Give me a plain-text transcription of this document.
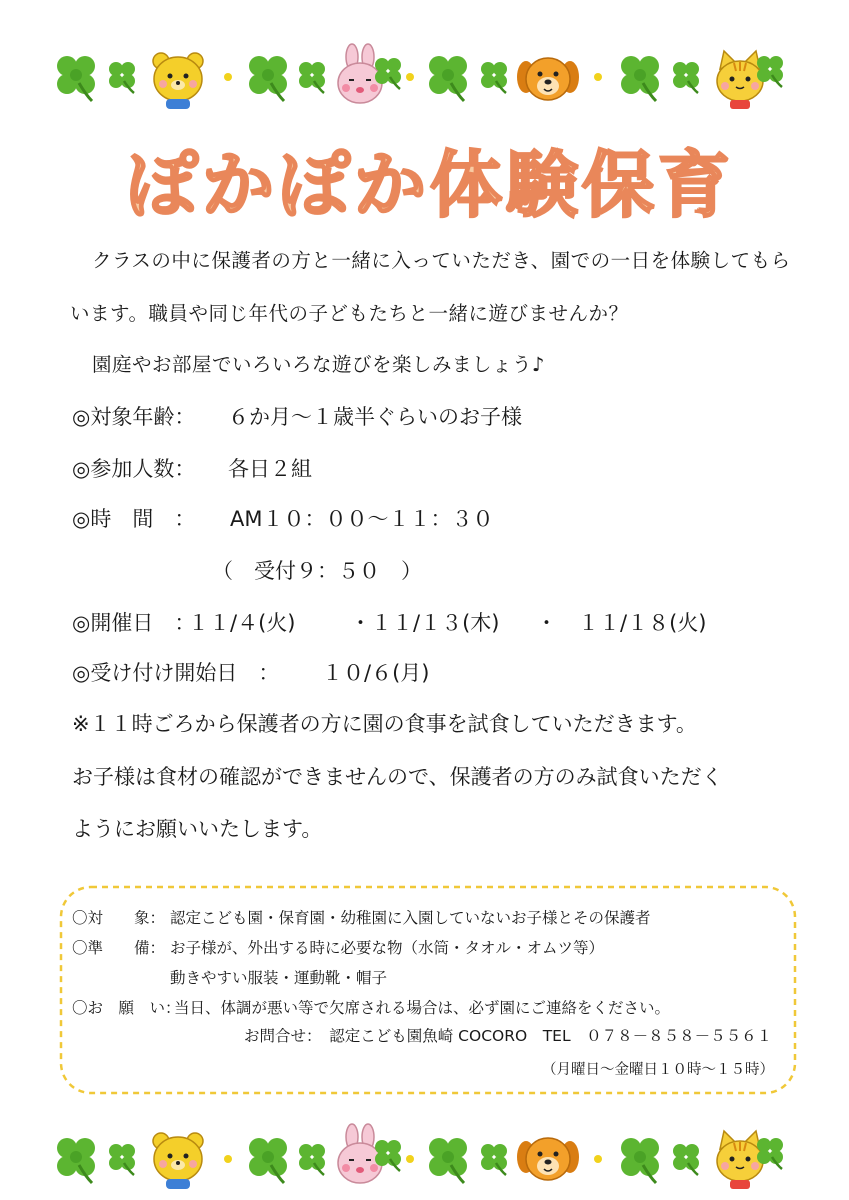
ぽかぽか体験保育
クラスの中に保護者の方と一緒に入っていただき、園での一日を体験してもら
います。職員や同じ年代の子どもたちと一緒に遊びませんか？
園庭やお部屋でいろいろな遊びを楽しみましょう♪
◎対象年齢： ６か月～１歳半ぐらいのお子様
◎参加人数： 各日２組
◎時　間　： AM１０：００～１１：３０
（　受付９：５０　）
◎開催日　：
１１/４(火)	・１１/１３(木) ・　１１/１８(火)
◎受け付け開始日　： １０/６(月)
※１１時ごろから保護者の方に園の食事を試食していただきます。
お子様は食材の確認ができませんので、保護者の方のみ試食いただく
ようにお願いいたします。
〇対　　象： 認定こども園・保育園・幼稚園に入園していないお子様とその保護者
〇準　　備： お子様が、外出する時に必要な物（水筒・タオル・オムツ等）
動きやすい服装・運動靴・帽子
〇お　願　い：
当日、体調が悪い等で欠席される場合は、必ず園にご連絡をください。
お問合せ：　認定こども園魚崎 COCORO　TEL　０７８－８５８－５５６１
（月曜日～金曜日１０時～１５時）
